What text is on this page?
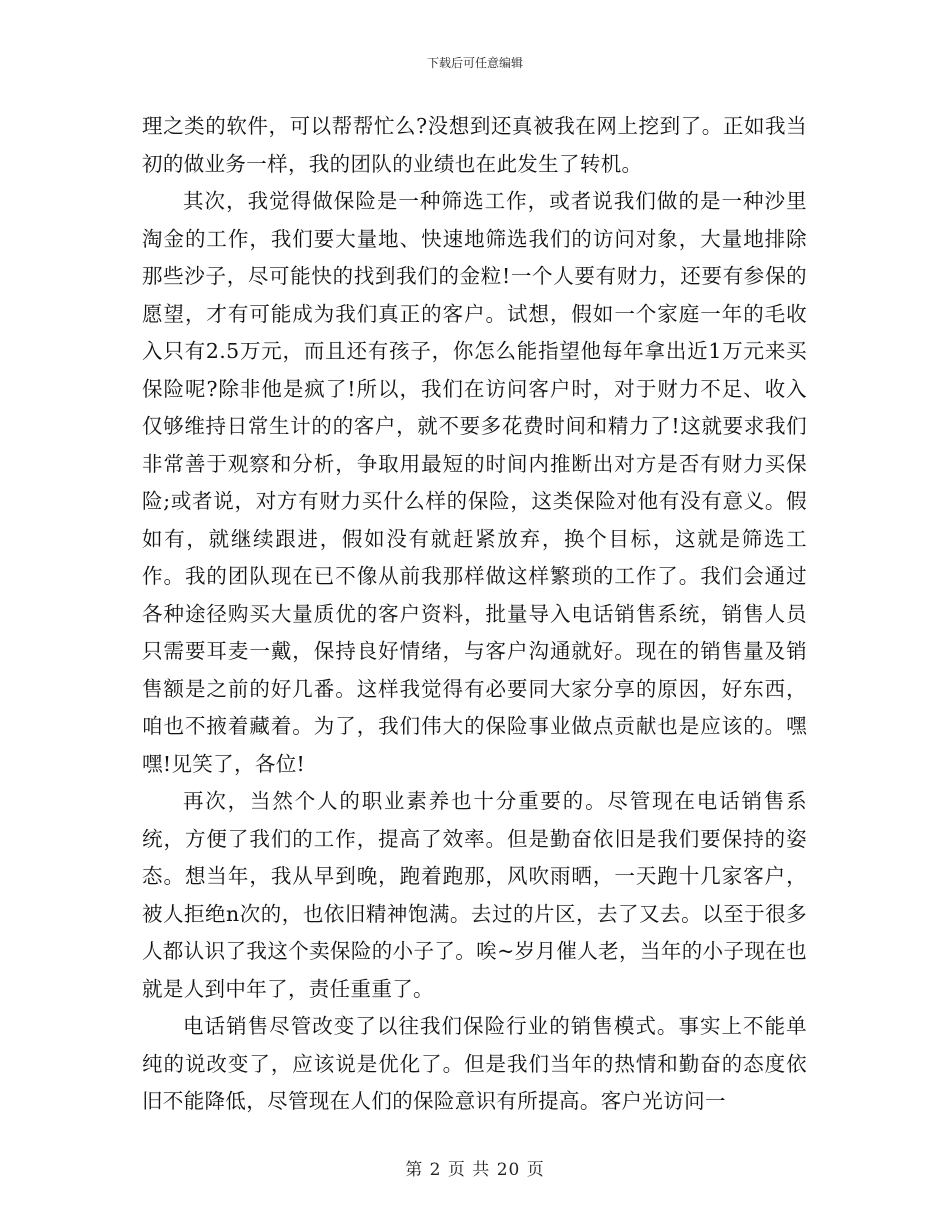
下载后可任意编辑

理之类的软件，可以帮帮忙么?没想到还真被我在网上挖到了。正如我当初的做业务一样，我的团队的业绩也在此发生了转机。

其次，我觉得做保险是一种筛选工作，或者说我们做的是一种沙里淘金的工作，我们要大量地、快速地筛选我们的访问对象，大量地排除那些沙子，尽可能快的找到我们的金粒!一个人要有财力，还要有参保的愿望，才有可能成为我们真正的客户。试想，假如一个家庭一年的毛收入只有2.5万元，而且还有孩子，你怎么能指望他每年拿出近1万元来买保险呢?除非他是疯了!所以，我们在访问客户时，对于财力不足、收入仅够维持日常生计的的客户，就不要多花费时间和精力了!这就要求我们非常善于观察和分析，争取用最短的时间内推断出对方是否有财力买保险;或者说，对方有财力买什么样的保险，这类保险对他有没有意义。假如有，就继续跟进，假如没有就赶紧放弃，换个目标，这就是筛选工作。我的团队现在已不像从前我那样做这样繁琐的工作了。我们会通过各种途径购买大量质优的客户资料，批量导入电话销售系统，销售人员只需要耳麦一戴，保持良好情绪，与客户沟通就好。现在的销售量及销售额是之前的好几番。这样我觉得有必要同大家分享的原因，好东西，咱也不掖着藏着。为了，我们伟大的保险事业做点贡献也是应该的。嘿嘿!见笑了，各位!

再次，当然个人的职业素养也十分重要的。尽管现在电话销售系统，方便了我们的工作，提高了效率。但是勤奋依旧是我们要保持的姿态。想当年，我从早到晚，跑着跑那，风吹雨晒，一天跑十几家客户，被人拒绝n次的，也依旧精神饱满。去过的片区，去了又去。以至于很多人都认识了我这个卖保险的小子了。唉~岁月催人老，当年的小子现在也就是人到中年了，责任重重了。

电话销售尽管改变了以往我们保险行业的销售模式。事实上不能单纯的说改变了，应该说是优化了。但是我们当年的热情和勤奋的态度依旧不能降低，尽管现在人们的保险意识有所提高。客户光访问一

第 2 页 共 20 页
